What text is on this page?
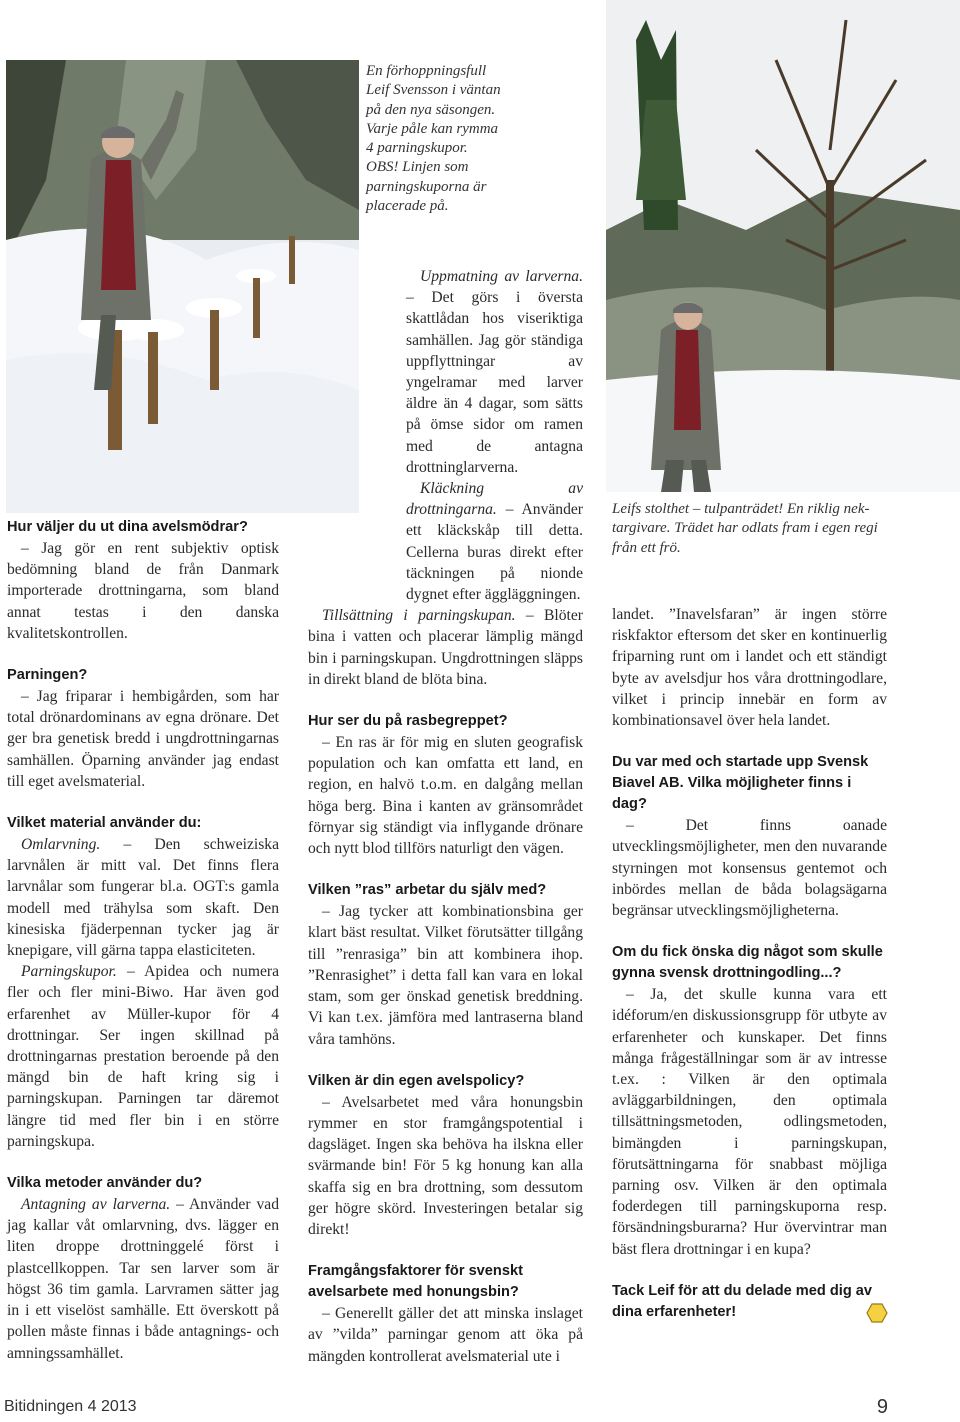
En förhoppningsfull
Leif Svensson i väntan
på den nya säsongen.
Varje påle kan rymma
4 parningskupor.
OBS! Linjen som
parningskuporna är
placerade på.
Leifs stolthet – tulpanträdet! En riklig nek-
targivare. Trädet har odlats fram i egen regi
från ett frö.
Hur väljer du ut dina avelsmödrar?

– Jag gör en rent subjektiv optisk bedömning bland de från Danmark importerade drottningarna, som bland annat testas i den danska kvalitetskontrollen.

Parningen?

– Jag friparar i hembigården, som har total drönardominans av egna drönare. Det ger bra genetisk bredd i ungdrottningarnas samhällen. Öparning använder jag endast till eget avelsmaterial.

Vilket material använder du:

Omlarvning. – Den schweiziska larvnålen är mitt val. Det finns flera larvnålar som fungerar bl.a. OGT:s gamla modell med trähylsa som skaft. Den kinesiska fjäderpennan tycker jag är knepigare, vill gärna tappa elasticiteten.

Parningskupor. – Apidea och numera fler och fler mini-Biwo. Har även god erfarenhet av Müller-kupor för 4 drottningar. Ser ingen skillnad på drottningarnas prestation beroende på den mängd bin de haft kring sig i parningskupan. Parningen tar däremot längre tid med fler bin i en större parningskupa.

Vilka metoder använder du?

Antagning av larverna. – Använder vad jag kallar våt omlarvning, dvs. lägger en liten droppe drottninggelé först i plastcellkoppen. Tar sen larver som är högst 36 tim gamla. Larvramen sätter jag in i ett viselöst samhälle. Ett överskott på pollen måste finnas i både antagnings- och amningssamhället.

Uppmatning av larverna. – Det görs i översta skattlådan hos viseriktiga samhällen. Jag gör ständiga uppflyttningar av yngelramar med larver äldre än 4 dagar, som sätts på ömse sidor om ramen med de antagna drottninglarverna.

Kläckning av drottningarna. – Använder ett kläckskåp till detta. Cellerna buras direkt efter täckningen på nionde dygnet efter äggläggningen.

Tillsättning i parningskupan. – Blöter bina i vatten och placerar lämplig mängd bin i parningskupan. Ungdrottningen släpps in direkt bland de blöta bina.

Hur ser du på rasbegreppet?

– En ras är för mig en sluten geografisk population och kan omfatta ett land, en region, en halvö t.o.m. en dalgång mellan höga berg. Bina i kanten av gränsområdet förnyar sig ständigt via inflygande drönare och nytt blod tillförs naturligt den vägen.

Vilken ”ras” arbetar du själv med?

– Jag tycker att kombinationsbina ger klart bäst resultat. Vilket förutsätter tillgång till ”renrasiga” bin att kombinera ihop. ”Renrasighet” i detta fall kan vara en lokal stam, som ger önskad genetisk breddning. Vi kan t.ex. jämföra med lantraserna bland våra tamhöns.

Vilken är din egen avelspolicy?

– Avelsarbetet med våra honungsbin rymmer en stor framgångspotential i dagsläget. Ingen ska behöva ha ilskna eller svärmande bin! För 5 kg honung kan alla skaffa sig en bra drottning, som dessutom ger högre skörd. Investeringen betalar sig direkt!

Framgångsfaktorer för svenskt avelsarbete med honungsbin?

– Generellt gäller det att minska inslaget av ”vilda” parningar genom att öka på mängden kontrollerat avelsmaterial ute i

landet. ”Inavelsfaran” är ingen större riskfaktor eftersom det sker en kontinuerlig friparning runt om i landet och ett ständigt byte av avelsdjur hos våra drottningodlare, vilket i princip innebär en form av kombinationsavel över hela landet.

Du var med och startade upp Svensk Biavel AB. Vilka möjligheter finns i dag?

– Det finns oanade utvecklingsmöjligheter, men den nuvarande styrningen mot konsensus gentemot och inbördes mellan de båda bolagsägarna begränsar utvecklingsmöjligheterna.

Om du fick önska dig något som skulle gynna svensk drottningodling...?

– Ja, det skulle kunna vara ett idéforum/en diskussionsgrupp för utbyte av erfarenheter och kunskaper. Det finns många frågeställningar som är av intresse t.ex. : Vilken är den optimala avläggarbildningen, den optimala tillsättningsmetoden, odlingsmetoden, bimängden i parningskupan, förutsättningarna för snabbast möjliga parning osv. Vilken är den optimala foderdegen till parningskuporna resp. försändningsburarna? Hur övervintrar man bäst flera drottningar i en kupa?

Tack Leif för att du delade med dig av dina erfarenheter!
Bitidningen 4 2013	9
